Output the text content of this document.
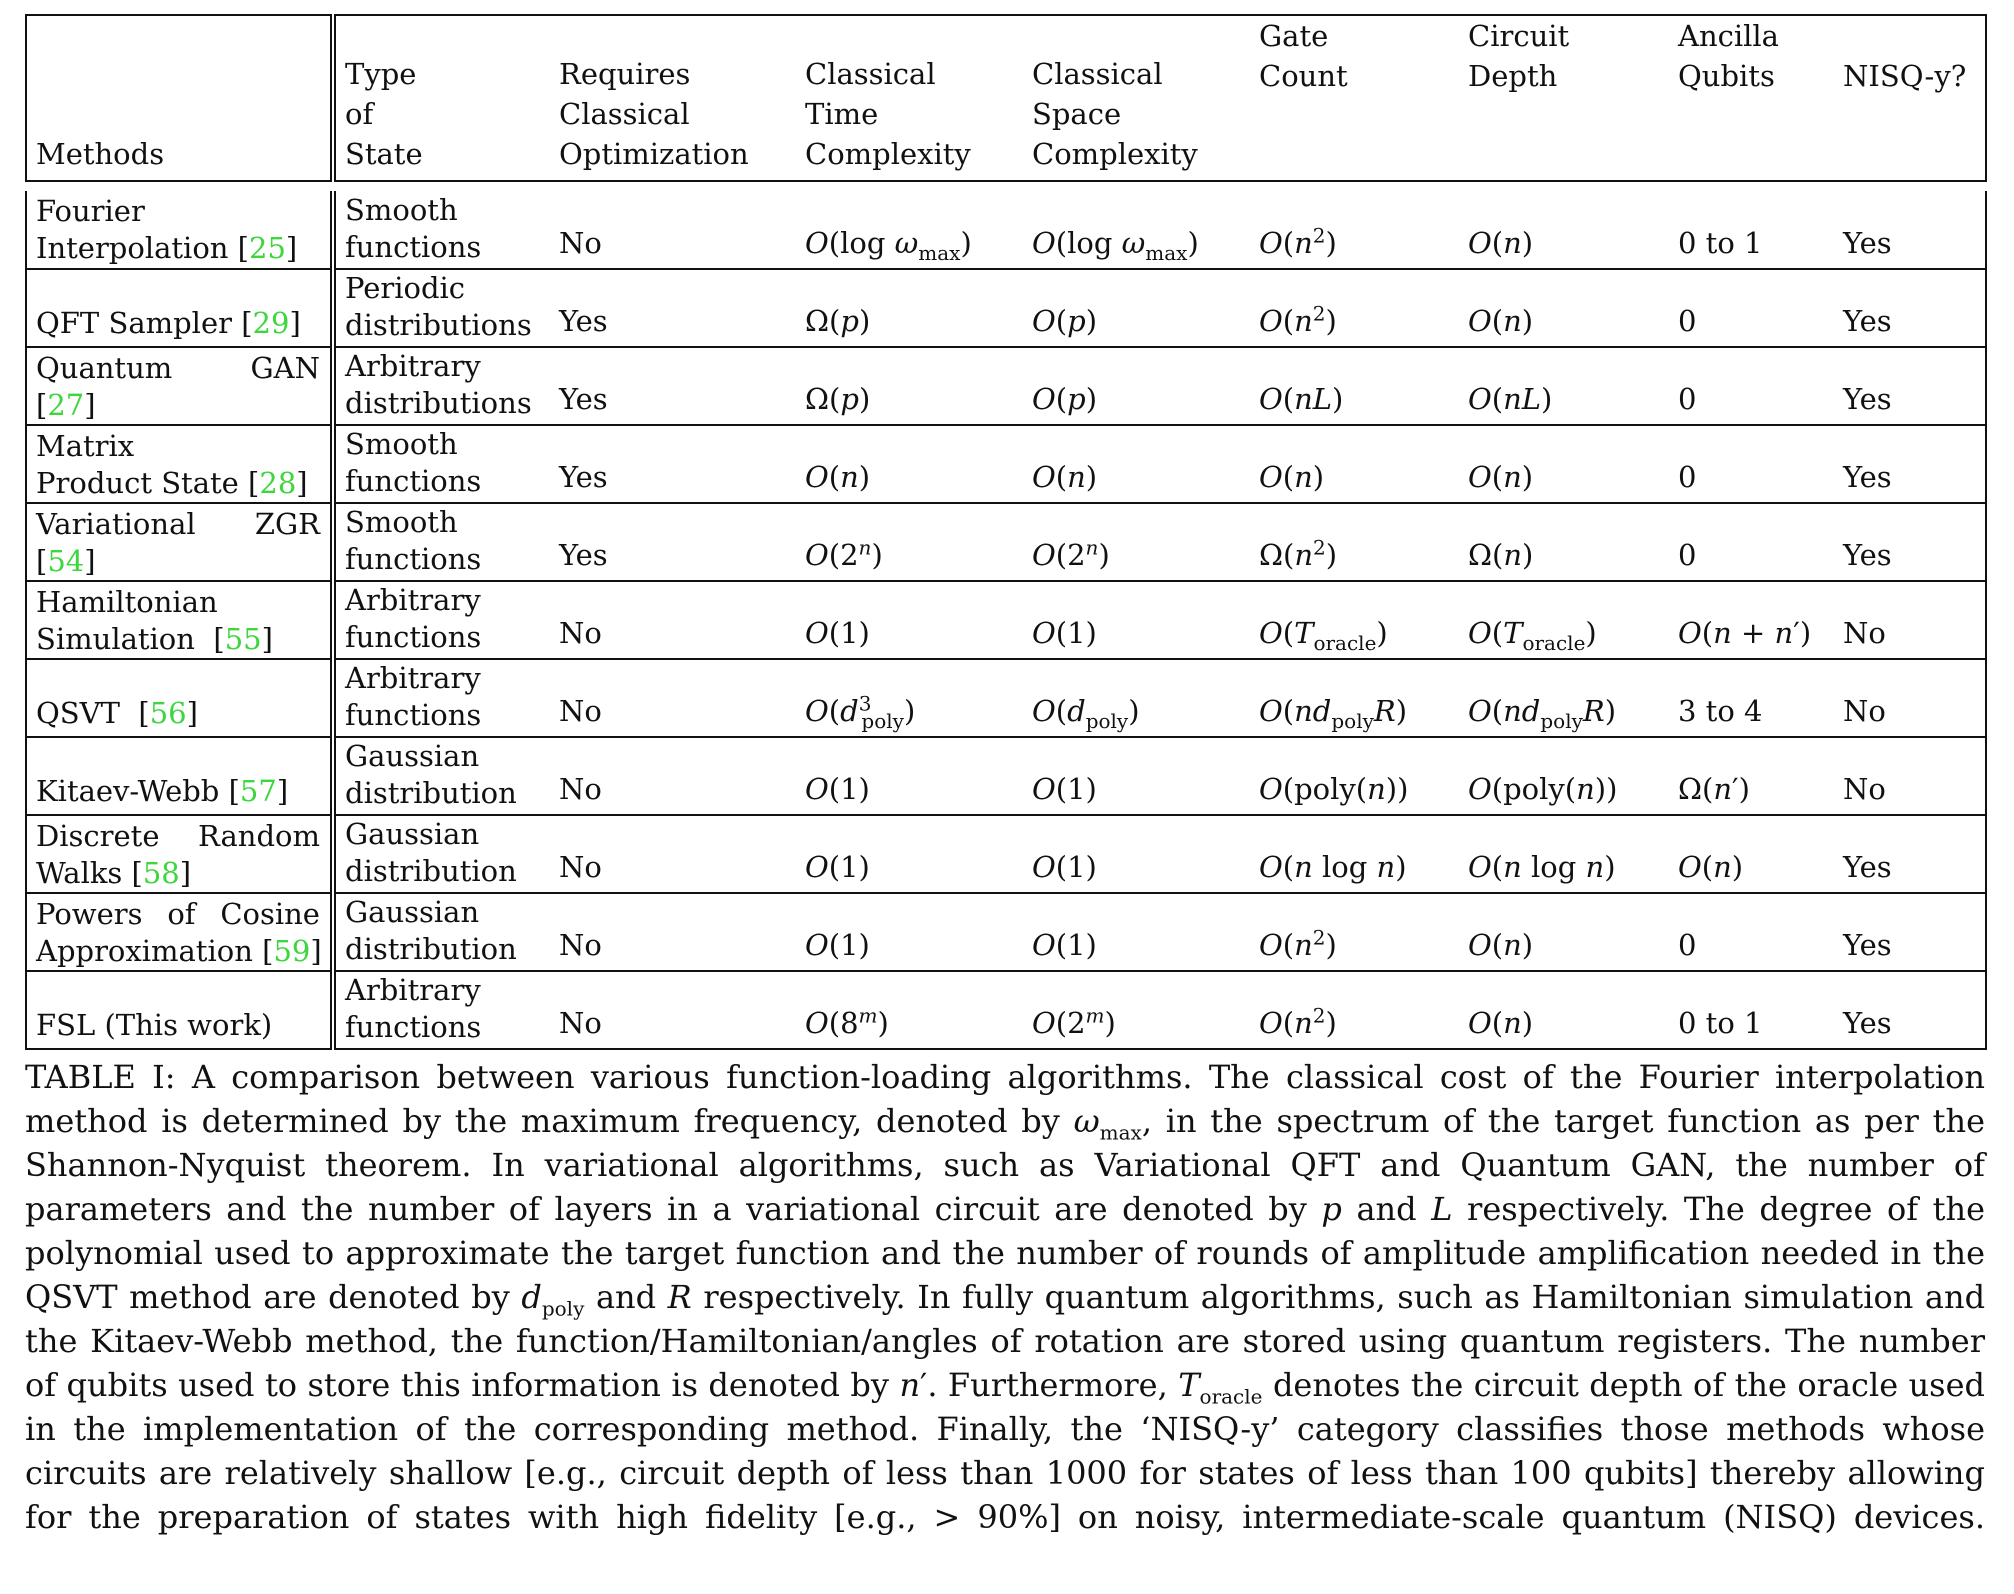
Methods	Type
of
State	Requires
Classical
Optimization	Classical
Time
Complexity	Classical
Space
Complexity	Gate
Count	Circuit
Depth	Ancilla
Qubits	NISQ-y?

Fourier
Interpolation [25]	Smooth
functions	No	O(log $\omega_{max}$)	O(log $\omega_{max}$)	$O(n^2)$	O(n)	0 to 1	Yes
QFT Sampler [29]	Periodic
distributions	Yes	Ω(p)	O(p)	$O(n^2)$	O(n)	0	Yes

Quantum GAN
[27]	Arbitrary
distributions	Yes	Ω(p)	O(p)	O(nL)	O(nL)	0	Yes
Matrix
Product State [28]	Smooth
functions	Yes	O(n)	O(n)	O(n)	O(n)	0	Yes

Variational ZGR
[54]	Smooth
functions	Yes	O(2$^n$)	O(2$^n$)	$\Omega(n^2)$	Ω(n)	0	Yes
Hamiltonian
Simulation  [55]	Arbitrary
functions	No	O(1)	O(1)	$O(T_{oracle})$	$O(T_{oracle})$	O(n + n′)	No
QSVT  [56]	Arbitrary
functions	No	$O(d^3_{poly})$	$O(d_{poly})$	$O(nd_{poly}R)$	$O(nd_{poly}R)$	3 to 4	No
Kitaev-Webb [57]	Gaussian
distribution	No	O(1)	O(1)	O(poly(n))	O(poly(n))	Ω(n′)	No

Discrete Random
Walks [58]	Gaussian
distribution	No	O(1)	O(1)	O(n log n)	O(n log n)	O(n)	Yes

Powers of Cosine
Approximation [59]	Gaussian
distribution	No	O(1)	O(1)	$O(n^2)$	O(n)	0	Yes
FSL (This work)	Arbitrary
functions	No	O(8$^m$)	O(2$^m$)	$O(n^2)$	O(n)	0 to 1	Yes

TABLE I: A comparison between various function-loading algorithms. The classical cost of the Fourier interpolation method is determined by the maximum frequency, denoted by $\omega_{max}$, in the spectrum of the target function as per the Shannon-Nyquist theorem. In variational algorithms, such as Variational QFT and Quantum GAN, the number of parameters and the number of layers in a variational circuit are denoted by p and L respectively. The degree of the polynomial used to approximate the target function and the number of rounds of amplitude amplification needed in the QSVT method are denoted by $d_{poly}$ and R respectively. In fully quantum algorithms, such as Hamiltonian simulation and the Kitaev-Webb method, the function/Hamiltonian/angles of rotation are stored using quantum registers. The number of qubits used to store this information is denoted by n′. Furthermore, $T_{oracle}$ denotes the circuit depth of the oracle used in the implementation of the corresponding method. Finally, the ‘NISQ-y’ category classifies those methods whose circuits are relatively shallow [e.g., circuit depth of less than 1000 for states of less than 100 qubits] thereby allowing for the preparation of states with high fidelity [e.g., > 90%] on noisy, intermediate-scale quantum (NISQ) devices.
